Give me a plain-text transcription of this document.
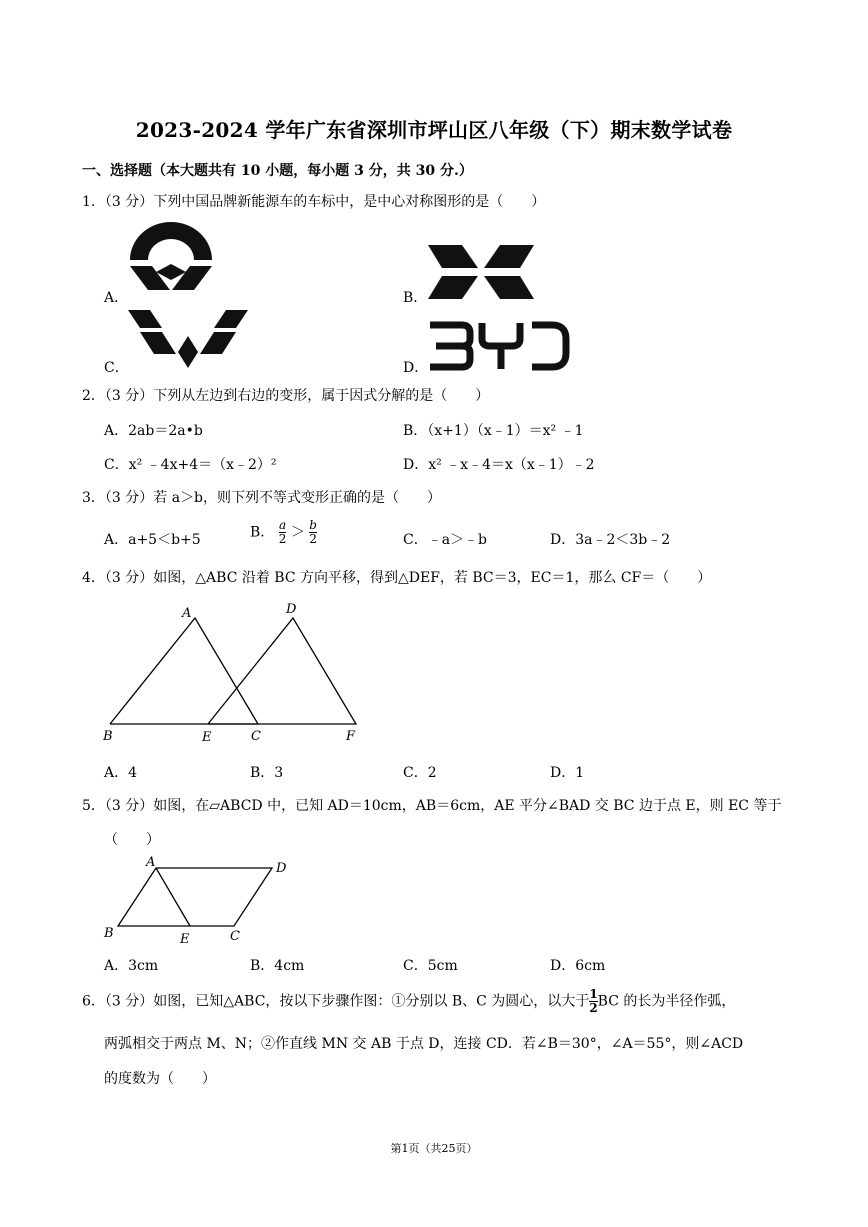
2023-2024 学年广东省深圳市坪山区八年级（下）期末数学试卷
一、选择题（本大题共有 10 小题，每小题 3 分，共 30 分.）
1．（3 分）下列中国品牌新能源车的车标中，是中心对称图形的是（　　）
A．	B．
C．	D．
2．（3 分）下列从左边到右边的变形，属于因式分解的是（　　）
A．2ab＝2a•b	B．（x+1）（x﹣1）＝x² ﹣1
C．x² ﹣4x+4＝（x﹣2）²	D．x² ﹣x﹣4＝x（x﹣1）﹣2
3．（3 分）若 a＞b，则下列不等式变形正确的是（　　）
A．a+5＜b+5	B． $\frac{a}{2} > \frac{b}{2}$	C．﹣a＞﹣b	D．3a﹣2＜3b﹣2
4．（3 分）如图，△ABC 沿着 BC 方向平移，得到△DEF，若 BC＝3，EC＝1，那么 CF＝（　　）
A	D
B	E	C	F
A．4	B．3	C．2	D．1
5．（3 分）如图，在▱ABCD 中，已知 AD＝10cm，AB＝6cm，AE 平分∠BAD 交 BC 边于点 E，则 EC 等于
（　　）
A	D
B	E	C
A．3cm	B．4cm	C．5cm	D．6cm
6．（3 分）如图，已知△ABC，按以下步骤作图：①分别以 B、C 为圆心，以大于$\frac{1}{2}$ BC 的长为半径作弧，
两弧相交于两点 M、N；②作直线 MN 交 AB 于点 D，连接 CD．若∠B＝30°，∠A＝55°，则∠ACD
的度数为（　　）
第1页（共25页）
